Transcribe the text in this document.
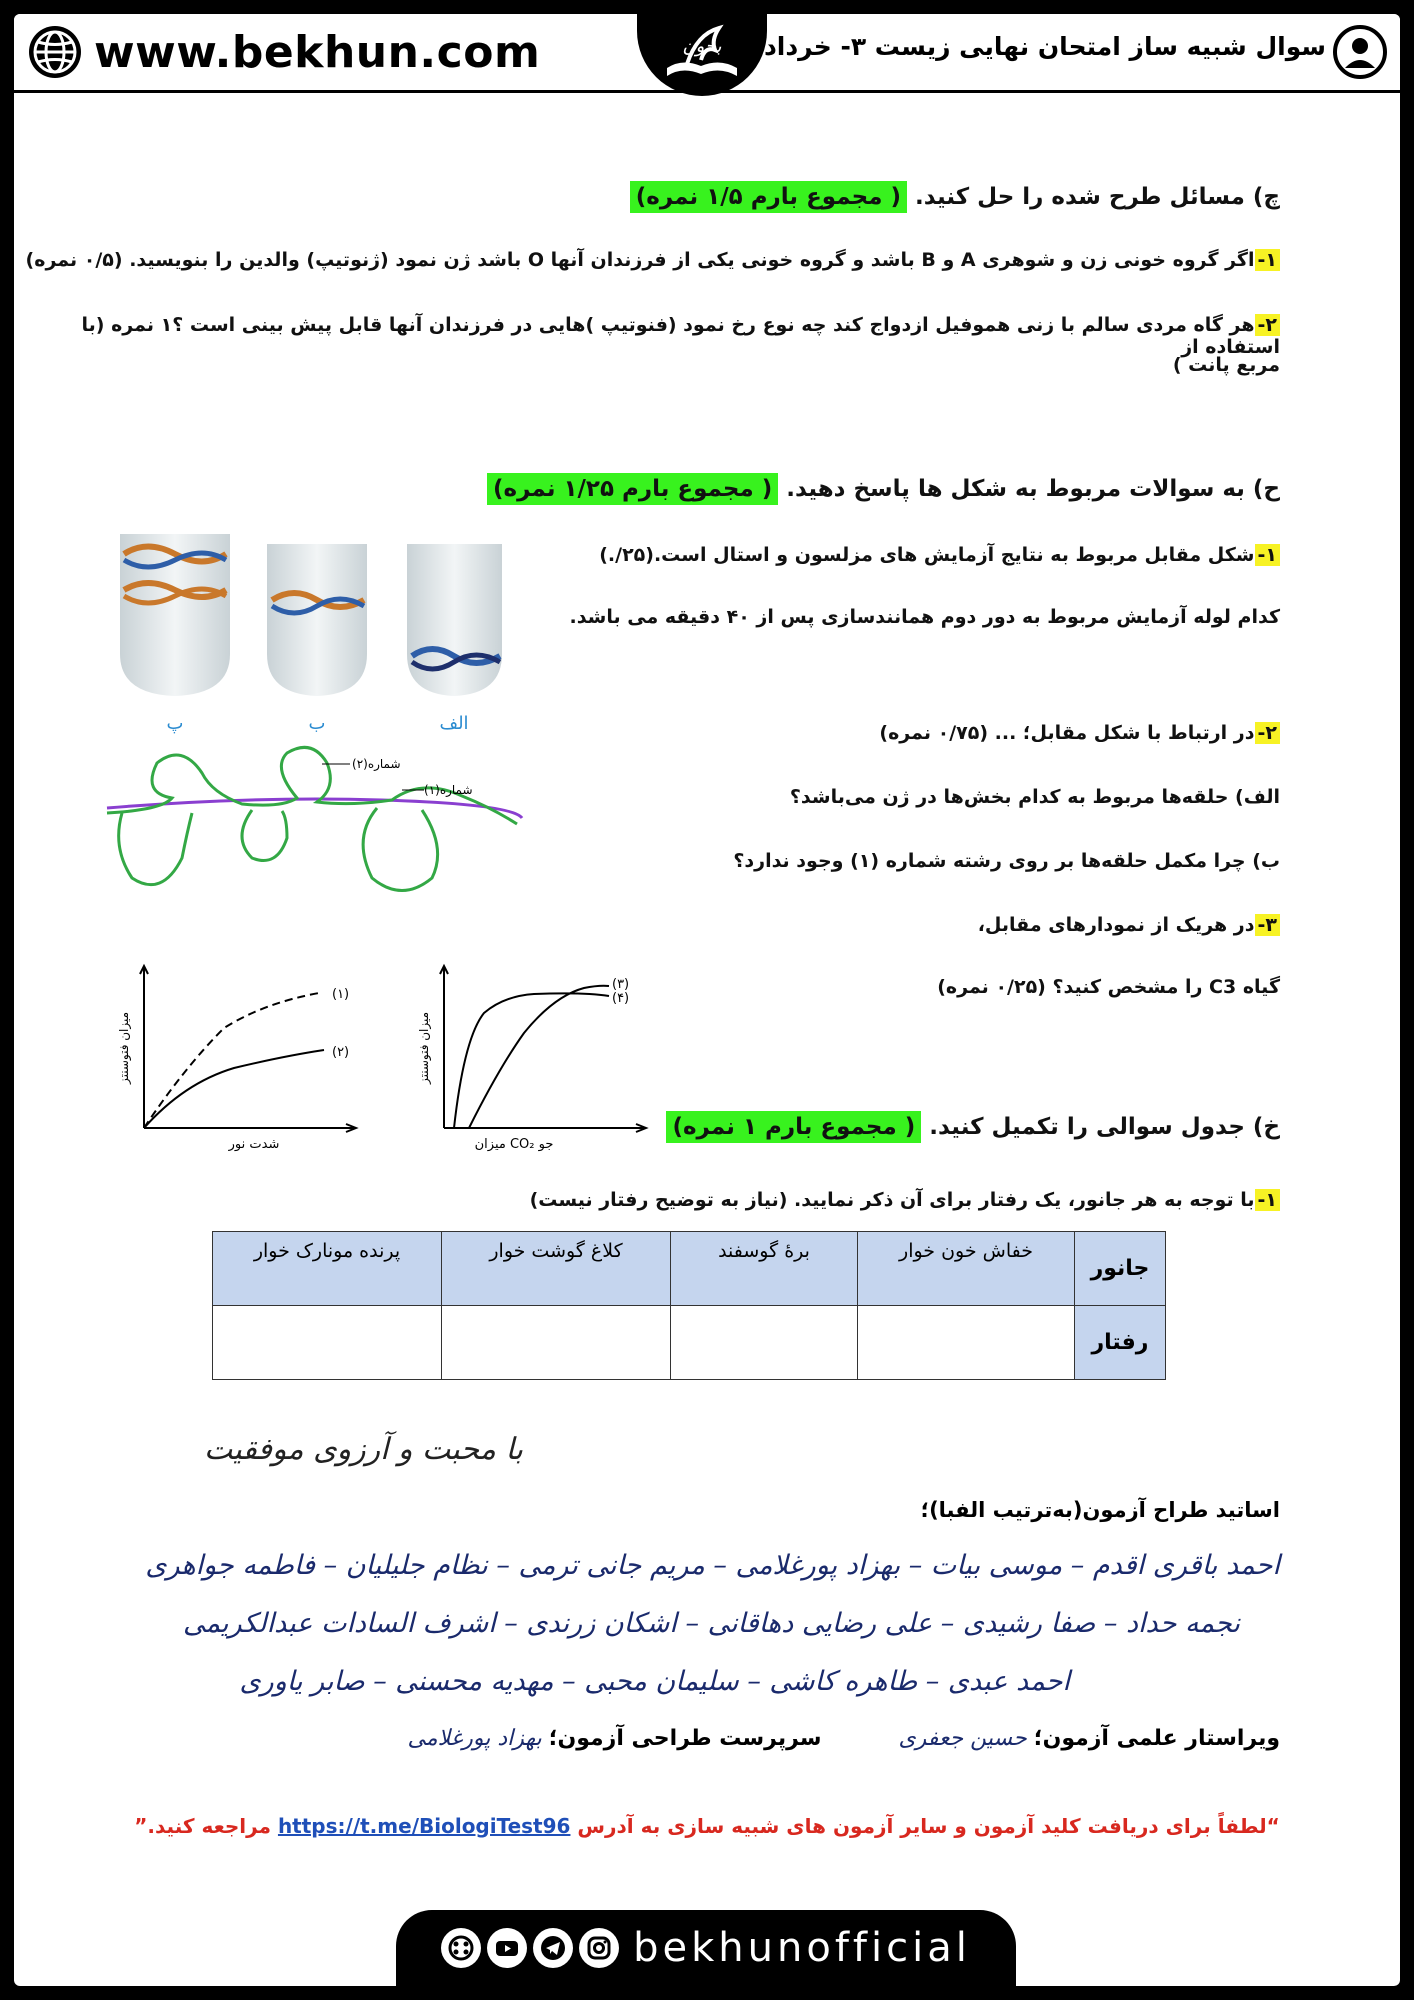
www.bekhun.com	بخون سوال شبیه ساز امتحان نهایی زیست ۳- خرداد ۹۸
چ) مسائل طرح شده را حل کنید. ( مجموع بارم ۱/۵ نمره)
۱-اگر گروه خونی زن و شوهری A و B باشد و گروه خونی یکی از فرزندان آنها O باشد ژن نمود (ژنوتیپ) والدین را بنویسید. (۰/۵ نمره)
۲-هر گاه مردی سالم با زنی هموفیل ازدواج کند چه نوع رخ نمود (فنوتیپ )هایی در فرزندان آنها قابل پیش بینی است ؟۱ نمره (با استفاده از
مربع پانت )
ح) به سوالات مربوط به شکل ها پاسخ دهید. ( مجموع بارم ۱/۲۵ نمره)
۱-شکل مقابل مربوط به نتایج آزمایش های مزلسون و استال است.(۲۵/.)
کدام لوله آزمایش مربوط به دور دوم همانندسازی پس از ۴۰ دقیقه می باشد.
۲-در ارتباط با شکل مقابل؛ ... (۰/۷۵ نمره)
الف) حلقه‌ها مربوط به کدام بخش‌ها در ژن می‌باشد؟
ب) چرا مکمل حلقه‌ها بر روی رشته شماره (۱) وجود ندارد؟
۳-در هریک از نمودارهای مقابل،
گیاه C3 را مشخص کنید؟ (۰/۲۵ نمره)
پ	ب	الف
شماره(۲)
شماره(۱)
(۱)
(۲)
میزان فتوسنتز
شدت نور
(۳)
(۴)
میزان فتوسنتز
میزان CO₂ جو
خ) جدول سوالی را تکمیل کنید. ( مجموع بارم ۱ نمره)
۱-با توجه به هر جانور، یک رفتار برای آن ذکر نمایید. (نیاز به توضیح رفتار نیست)
جانور	خفاش خون خوار	برهٔ گوسفند	کلاغ گوشت خوار	پرنده مونارک خوار
رفتار				
با محبت و آرزوی موفقیت
اساتید طراح آزمون(به‌ترتیب الفبا)؛
احمد باقری اقدم – موسی بیات – بهزاد پورغلامی – مریم جانی ترمی – نظام جلیلیان – فاطمه جواهری
نجمه حداد – صفا رشیدی – علی رضایی دهاقانی – اشکان زرندی – اشرف السادات عبدالکریمی
احمد عبدی – طاهره کاشی – سلیمان محبی – مهدیه محسنی – صابر یاوری
ویراستار علمی آزمون؛ حسین جعفری سرپرست طراحی آزمون؛ بهزاد پورغلامی
“لطفاً برای دریافت کلید آزمون و سایر آزمون های شبیه سازی به آدرس https://t.me/BiologiTest96 مراجعه کنید.”
bekhunofficial
